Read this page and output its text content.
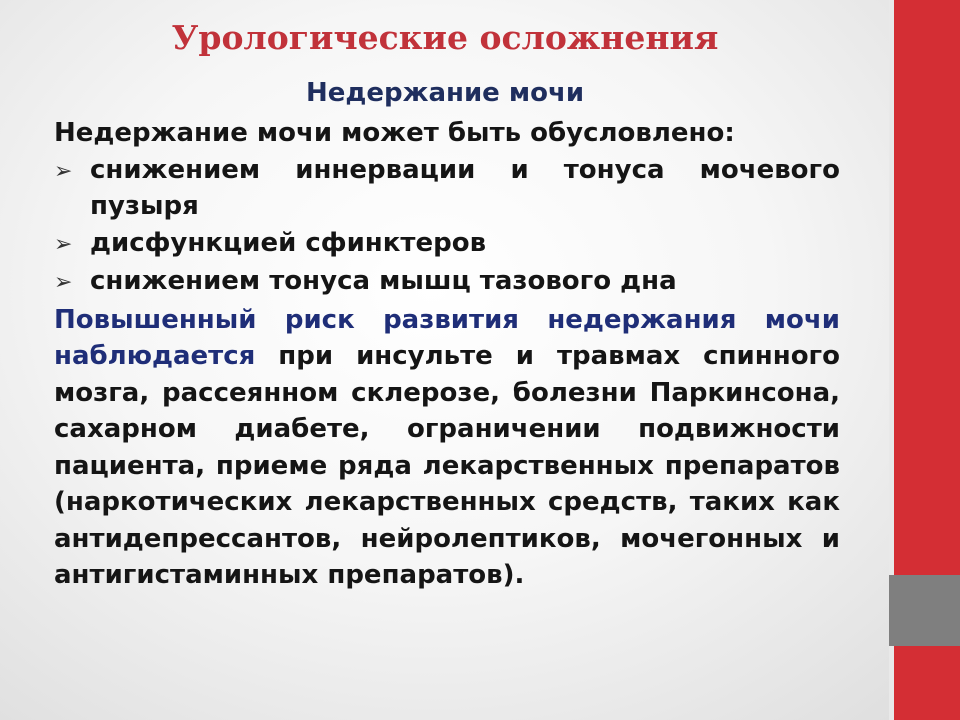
Урологические осложнения
Недержание мочи

Недержание мочи может быть обусловлено:

➢ снижением иннервации и тонуса мочевого пузыря
➢ дисфункцией сфинктеров
➢ снижением тонуса мышц тазового дна

Повышенный риск развития недержания мочи наблюдается при инсульте и травмах спинного мозга, рассеянном склерозе, болезни Паркинсона, сахарном диабете, ограничении подвижности пациента, приеме ряда лекарственных препаратов (наркотических лекарственных средств, таких как антидепрессантов, нейролептиков, мочегонных и антигистаминных препаратов).
